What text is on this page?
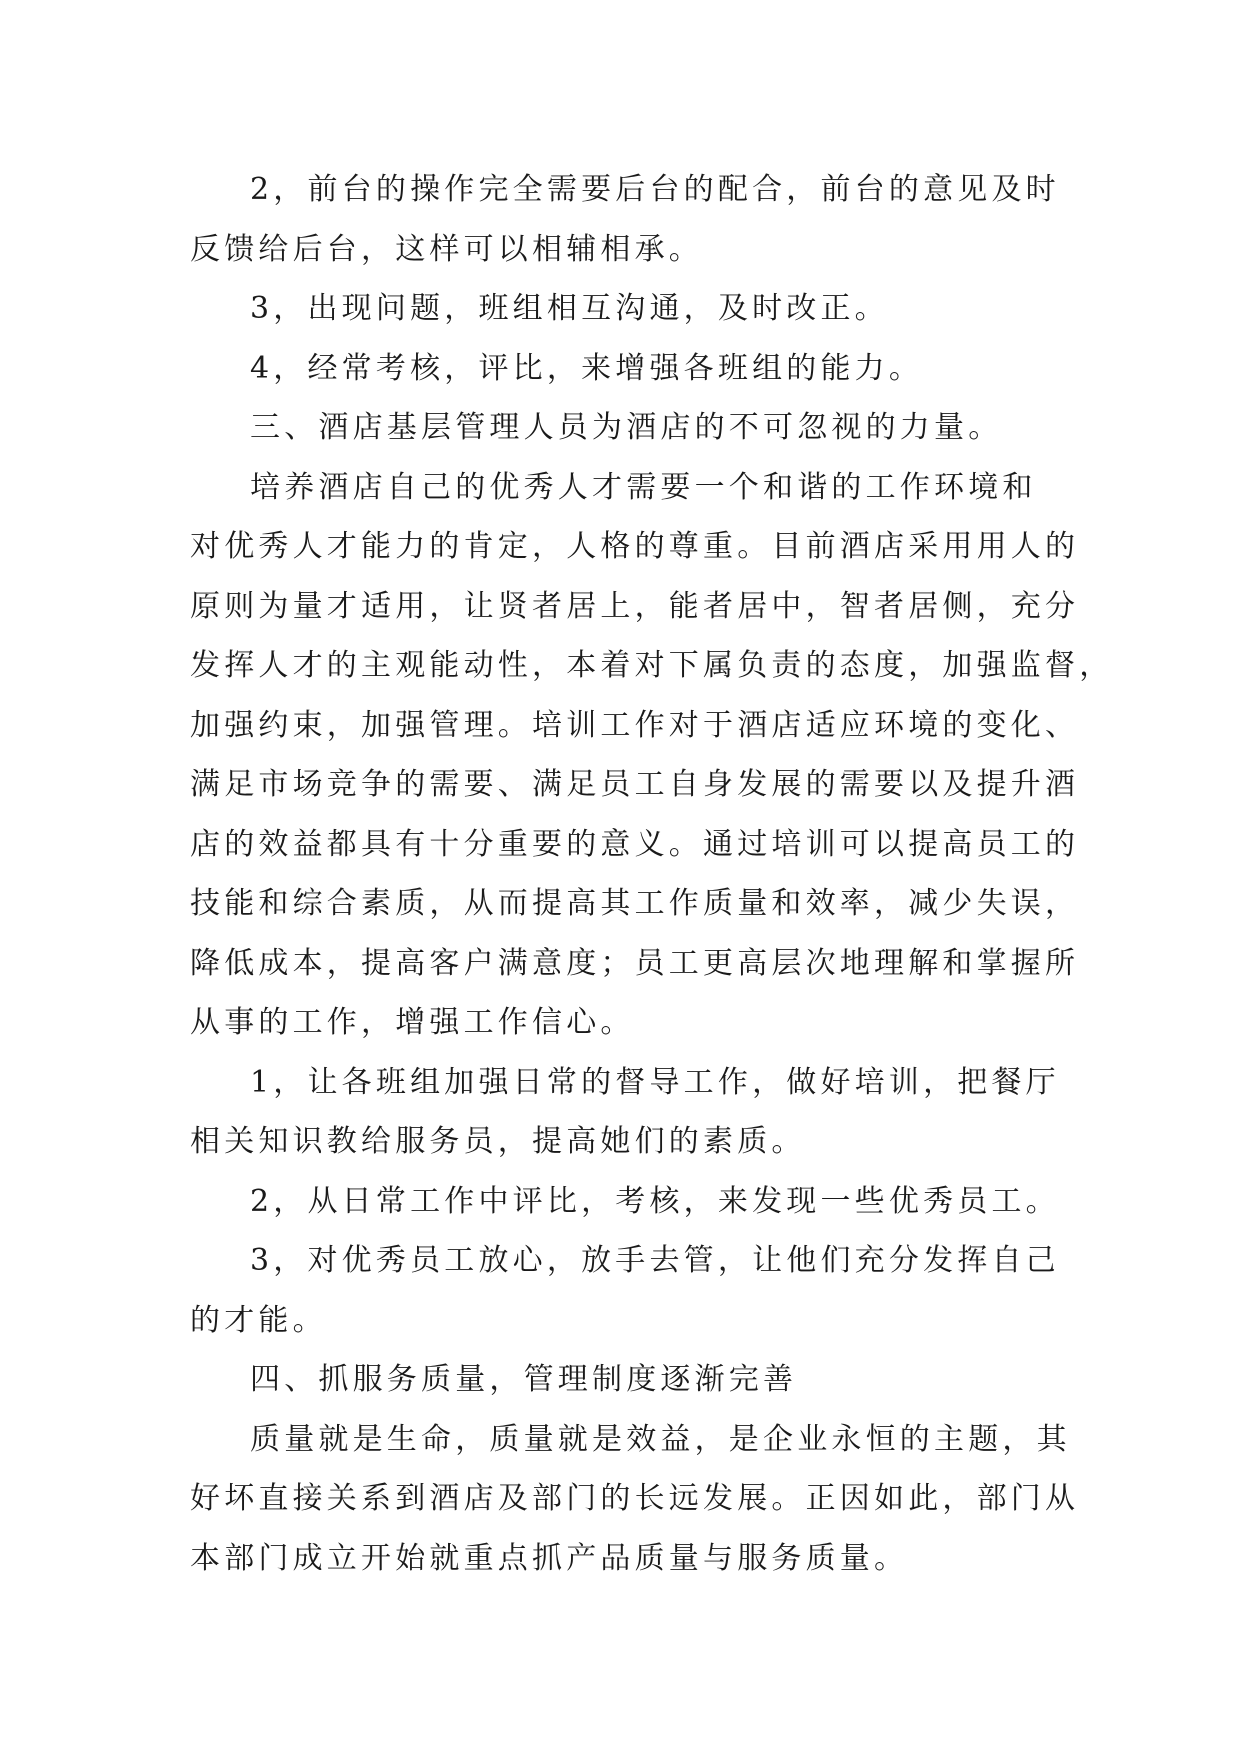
2，前台的操作完全需要后台的配合，前台的意见及时
反馈给后台，这样可以相辅相承。

3，出现问题，班组相互沟通，及时改正。

4，经常考核，评比，来增强各班组的能力。

三、酒店基层管理人员为酒店的不可忽视的力量。

培养酒店自己的优秀人才需要一个和谐的工作环境和
对优秀人才能力的肯定，人格的尊重。目前酒店采用用人的
原则为量才适用，让贤者居上，能者居中，智者居侧，充分
发挥人才的主观能动性，本着对下属负责的态度，加强监督，
加强约束，加强管理。培训工作对于酒店适应环境的变化、
满足市场竞争的需要、满足员工自身发展的需要以及提升酒
店的效益都具有十分重要的意义。通过培训可以提高员工的
技能和综合素质，从而提高其工作质量和效率，减少失误，
降低成本，提高客户满意度；员工更高层次地理解和掌握所
从事的工作，增强工作信心。

1，让各班组加强日常的督导工作，做好培训，把餐厅
相关知识教给服务员，提高她们的素质。

2，从日常工作中评比，考核，来发现一些优秀员工。

3，对优秀员工放心，放手去管，让他们充分发挥自己
的才能。

四、抓服务质量，管理制度逐渐完善

质量就是生命，质量就是效益，是企业永恒的主题，其
好坏直接关系到酒店及部门的长远发展。正因如此，部门从
本部门成立开始就重点抓产品质量与服务质量。
